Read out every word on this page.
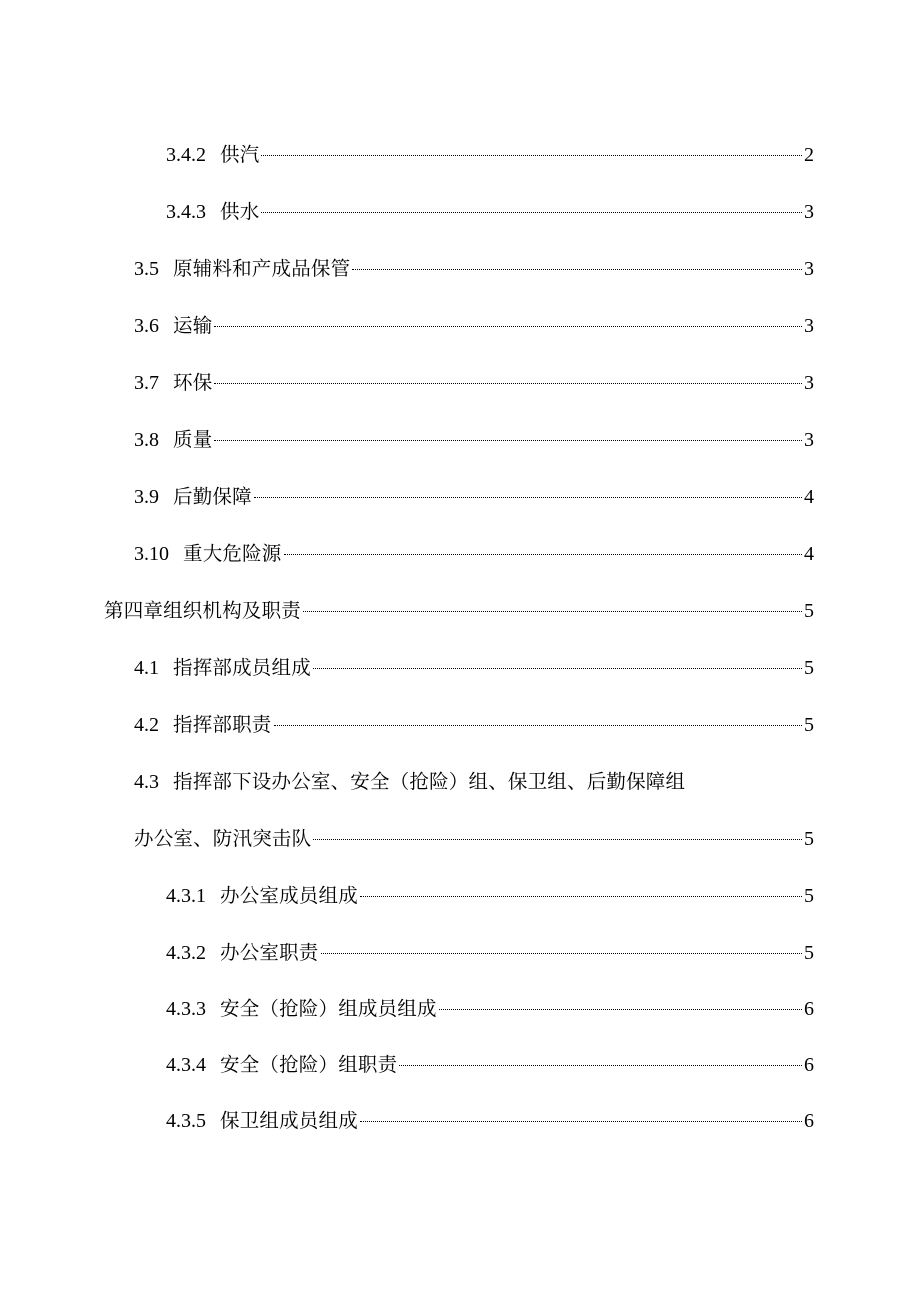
3.4.2 供汽	2
3.4.3 供水	3
3.5 原辅料和产成品保管	3
3.6 运输	3
3.7 环保	3
3.8 质量	3
3.9 后勤保障	4
3.10 重大危险源	4
第四章组织机构及职责	5
4.1 指挥部成员组成	5
4.2 指挥部职责	5
4.3 指挥部下设办公室、安全（抢险）组、保卫组、后勤保障组
办公室、防汛突击队	5
4.3.1 办公室成员组成	5
4.3.2 办公室职责	5
4.3.3 安全（抢险）组成员组成	6
4.3.4 安全（抢险）组职责	6
4.3.5 保卫组成员组成	6
